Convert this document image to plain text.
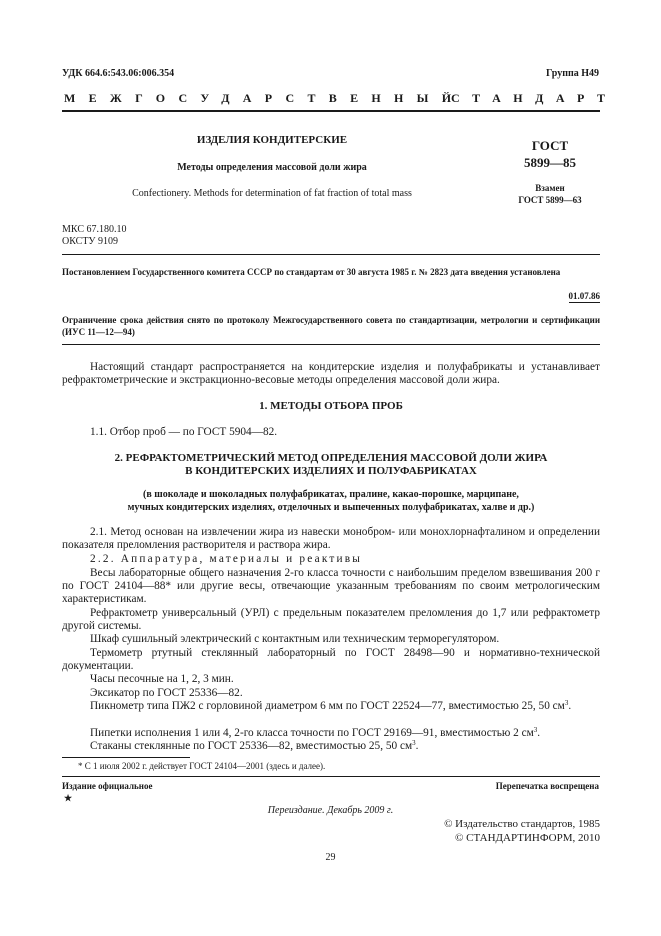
УДК 664.6:543.06:006.354	Группа Н49
МЕЖГОСУДАРСТВЕННЫЙ
СТАНДАРТ
ИЗДЕЛИЯ КОНДИТЕРСКИЕ
Методы определения массовой доли жира
Confectionery. Methods for determination of fat fraction of total mass
ГОСТ
5899—85
Взамен
ГОСТ 5899—63
МКС 67.180.10
ОКСТУ 9109
Постановлением Государственного комитета СССР по стандартам от 30 августа 1985 г. № 2823 дата введения установлена
01.07.86
Ограничение срока действия снято по протоколу Межгосударственного совета по стандартизации, метрологии и сертификации (ИУС 11—12—94)

Настоящий стандарт распространяется на кондитерские изделия и полуфабрикаты и устанавливает рефрактометрические и экстракционно-весовые методы определения массовой доли жира.

1. МЕТОДЫ ОТБОРА ПРОБ

1.1. Отбор проб — по ГОСТ 5904—82.

2. РЕФРАКТОМЕТРИЧЕСКИЙ МЕТОД ОПРЕДЕЛЕНИЯ МАССОВОЙ ДОЛИ ЖИРА
В КОНДИТЕРСКИХ ИЗДЕЛИЯХ И ПОЛУФАБРИКАТАХ
(в шоколаде и шоколадных полуфабрикатах, пралине, какао-порошке, марципане,
мучных кондитерских изделиях, отделочных и выпеченных полуфабрикатах, халве и др.)

2.1. Метод основан на извлечении жира из навески монобром- или монохлорнафталином и определении показателя преломления растворителя и раствора жира.

2.2. Аппаратура, материалы и реактивы

Весы лабораторные общего назначения 2-го класса точности с наибольшим пределом взвешивания 200 г по ГОСТ 24104—88* или другие весы, отвечающие указанным требованиям по своим метрологическим характеристикам.

Рефрактометр универсальный (УРЛ) с предельным показателем преломления до 1,7 или рефрактометр другой системы.

Шкаф сушильный электрический с контактным или техническим терморегулятором.

Термометр ртутный стеклянный лабораторный по ГОСТ 28498—90 и нормативно-технической документации.

Часы песочные на 1, 2, 3 мин.

Эксикатор по ГОСТ 25336—82.

Пикнометр типа ПЖ2 с горловиной диаметром 6 мм по ГОСТ 22524—77, вместимостью 25, 50 $см^3$.

Пипетки исполнения 1 или 4, 2-го класса точности по ГОСТ 29169—91, вместимостью 2 $см^3$.

Стаканы стеклянные по ГОСТ 25336—82, вместимостью 25, 50 $см^3$.

* С 1 июля 2002 г. действует ГОСТ 24104—2001 (здесь и далее).
Издание официальное
★
Перепечатка воспрещена
Переиздание. Декабрь 2009 г.
© Издательство стандартов, 1985
© СТАНДАРТИНФОРМ, 2010
29
